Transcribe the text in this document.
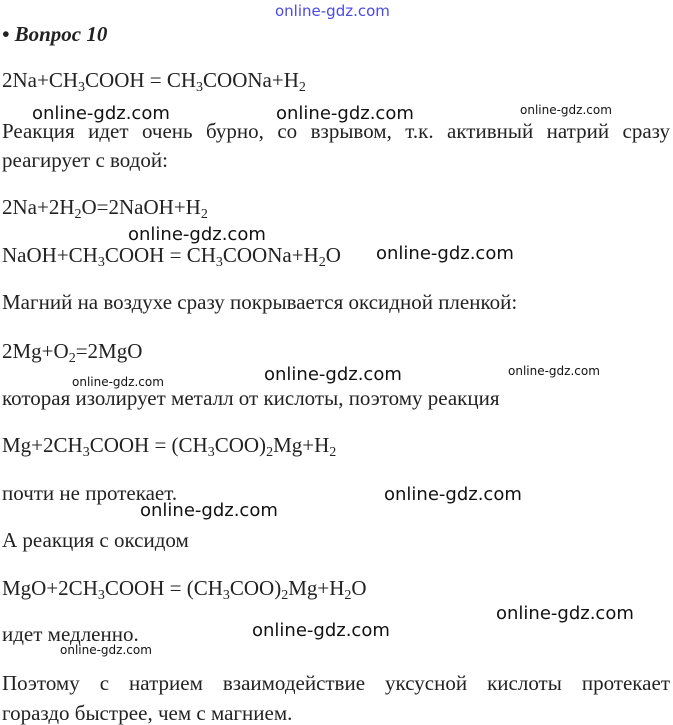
online-gdz.com
• Вопрос 10
$2Na+CH_3COOH$ = $CH_3COONa+H_2$
Реакция идет очень бурно, со взрывом, т.к. активный натрий сразу
реагирует с водой:
$2Na+2H_2O=2NaOH+H_2$
$NaOH+CH_3COOH$ = $CH_3COONa+H_2O$
Магний на воздухе сразу покрывается оксидной пленкой:
$2Mg+O_2=2MgO$
которая изолирует металл от кислоты, поэтому реакция
$Mg+2CH_3COOH = (CH_3COO)_2Mg+H_2$
почти не протекает.
А реакция с оксидом
$MgO+2CH_3COOH = (CH_3COO)_2Mg+H_2O$
идет медленно.
Поэтому с натрием взаимодействие уксусной кислоты протекает
гораздо быстрее, чем с магнием.
online-gdz.com	online-gdz.com	online-gdz.com
online-gdz.com
online-gdz.com
online-gdz.com	online-gdz.com	online-gdz.com
online-gdz.com
online-gdz.com
online-gdz.com
online-gdz.com
online-gdz.com
